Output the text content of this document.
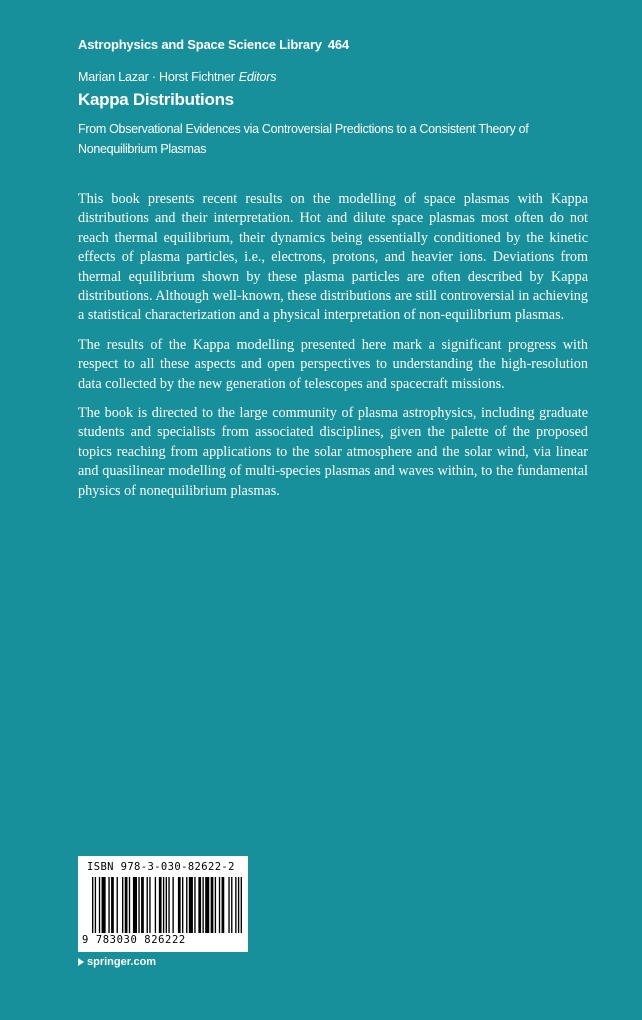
Astrophysics and Space Science Library 464
Marian Lazar · Horst Fichtner Editors
Kappa Distributions
From Observational Evidences via Controversial Predictions to a Consistent Theory of Nonequilibrium Plasmas

This book presents recent results on the modelling of space plasmas with Kappa distributions and their interpretation. Hot and dilute space plasmas most often do not reach thermal equilibrium, their dynamics being essentially conditioned by the kinetic effects of plasma particles, i.e., electrons, protons, and heavier ions. Deviations from thermal equilibrium shown by these plasma particles are often described by Kappa distributions. Although well-known, these distributions are still controversial in achieving a statistical characterization and a physical interpretation of non-equilibrium plasmas.

The results of the Kappa modelling presented here mark a significant progress with respect to all these aspects and open perspectives to understanding the high-resolution data collected by the new generation of telescopes and spacecraft missions.

The book is directed to the large community of plasma astrophysics, including graduate students and specialists from associated disciplines, given the palette of the proposed topics reaching from applications to the solar atmosphere and the solar wind, via linear and quasilinear modelling of multi-species plasmas and waves within, to the fundamental physics of nonequilibrium plasmas.

ISBN 978-3-030-82622-2
9 783030 826222
springer.com
